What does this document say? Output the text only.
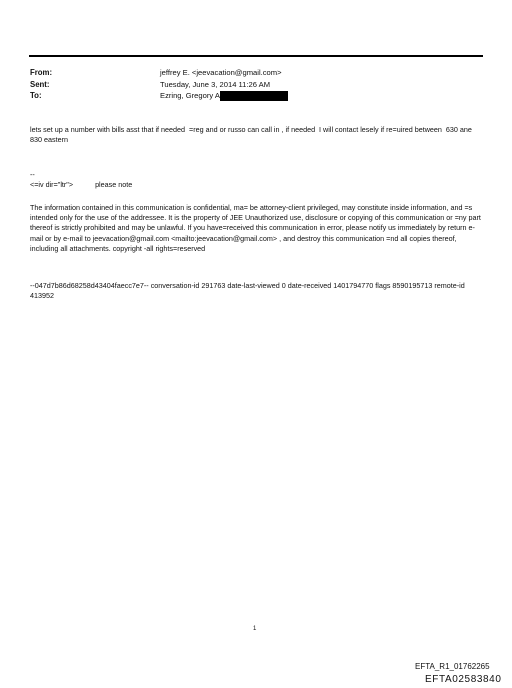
From:	jeffrey E. <jeevacation@gmail.com>
Sent:	Tuesday, June 3, 2014 11:26 AM
To:	Ezring, Gregory A

lets set up a number with bills asst that if needed  =reg and or russo can call in , if needed  I will contact lesely if re=uired between  630 ane 830 eastern

--
<=iv dir="ltr">	please note

The information contained in this communication is confidential, ma= be attorney-client privileged, may constitute inside information, and =s intended only for the use of the addressee. It is the property of JEE Unauthorized use, disclosure or copying of this communication or =ny part thereof is strictly prohibited and may be unlawful. If you have=received this communication in error, please notify us immediately by return e-mail or by e-mail to jeevacation@gmail.com <mailto:jeevacation@gmail.com> , and destroy this communication =nd all copies thereof, including all attachments. copyright -all rights=reserved

--047d7b86d68258d43404faecc7e7-- conversation-id 291763 date-last-viewed 0 date-received 1401794770 flags 8590195713 remote-id 413952

1
EFTA_R1_01762265
EFTA02583840
